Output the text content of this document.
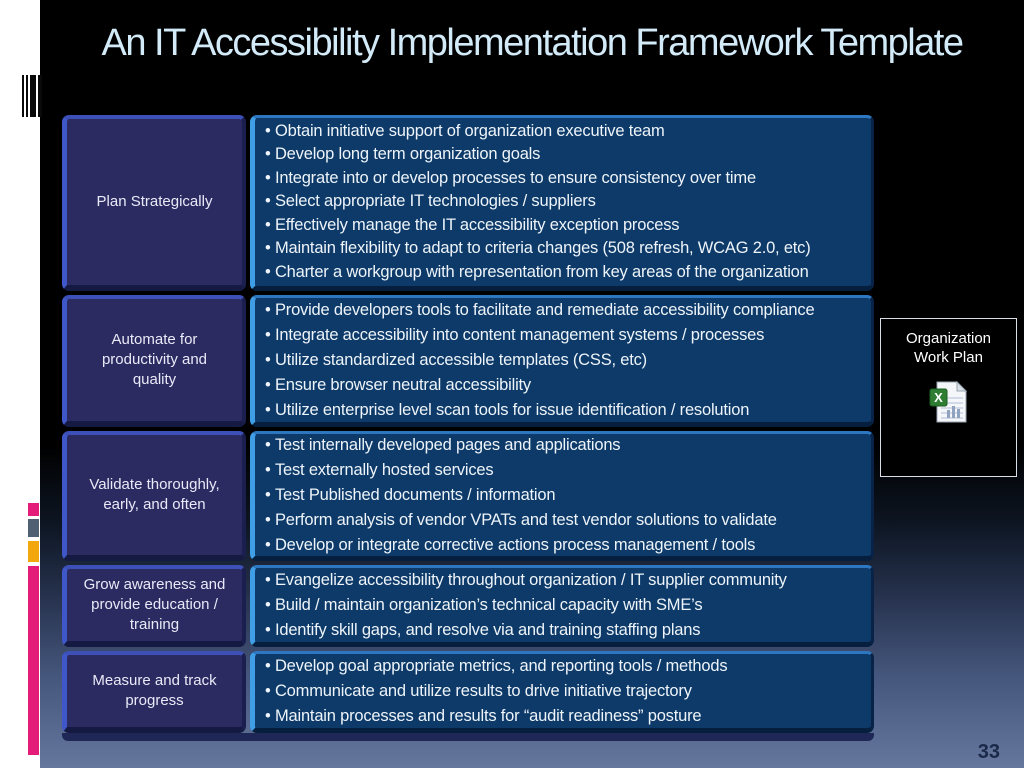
An IT Accessibility Implementation Framework Template
Plan Strategically
• Obtain initiative support of organization executive team
• Develop long term organization goals
• Integrate into or develop processes to ensure consistency over time
• Select appropriate IT technologies / suppliers
• Effectively manage the IT accessibility exception process
• Maintain flexibility to adapt to criteria changes (508 refresh, WCAG 2.0, etc)
• Charter a workgroup with representation from key areas of the organization
Automate for productivity and quality
• Provide developers tools to facilitate and remediate accessibility compliance
• Integrate accessibility into content management systems / processes
• Utilize standardized accessible templates (CSS, etc)
• Ensure browser neutral accessibility
• Utilize enterprise level scan tools for issue identification / resolution
Validate thoroughly, early, and often
• Test internally developed pages and applications
• Test externally hosted services
• Test Published documents / information
• Perform analysis of vendor VPATs and test vendor solutions to validate
• Develop or integrate corrective actions process management / tools
Grow awareness and provide education / training
• Evangelize accessibility throughout organization / IT supplier community
• Build / maintain organization’s technical capacity with SME’s
• Identify skill gaps, and resolve via and training staffing plans
Measure and track progress
• Develop goal appropriate metrics, and reporting tools / methods
• Communicate and utilize results to drive initiative trajectory
• Maintain processes and results for “audit readiness” posture
Organization Work Plan
X
33
